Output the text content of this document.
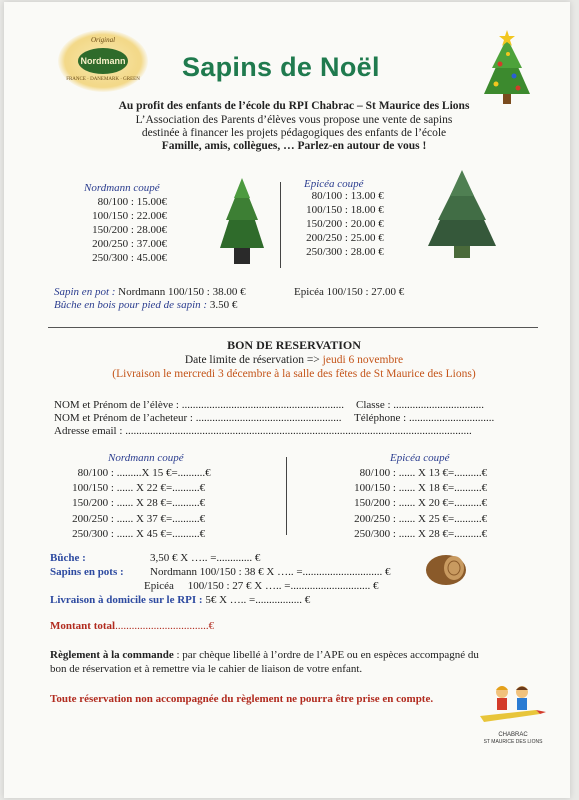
Original
Nordmann
FRANCE · DANEMARK · GREEN	Sapins de Noël
Au profit des enfants de l’école du RPI Chabrac – St Maurice des Lions
L’Association des Parents d’élèves vous propose une vente de sapins
destinée à financer les projets pédagogiques des enfants de l’école
Famille, amis, collègues, … Parlez-en autour de vous !
Nordmann coupé
80/100 : 15.00€
100/150 : 22.00€
150/200 : 28.00€
200/250 : 37.00€
250/300 : 45.00€
Epicéa coupé
80/100 : 13.00 €
100/150 : 18.00 €
150/200 : 20.00 €
200/250 : 25.00 €
250/300 : 28.00 €
Sapin en pot : Nordmann 100/150 : 38.00 €	Epicéa 100/150 : 27.00 €
Bûche en bois pour pied de sapin : 3.50 €
BON DE RESERVATION
Date limite de réservation => jeudi 6 novembre
(Livraison le mercredi 3 décembre à la salle des fêtes de St Maurice des Lions)
NOM et Prénom de l’élève : ........................................................... Classe : .................................
NOM et Prénom de l’acheteur : ..................................................... Téléphone : ...............................
Adresse email : ..............................................................................................................................
Nordmann coupé
80/100 : .........X 15 €=..........€
100/150 : ...... X 22 €=..........€
150/200 : ...... X 28 €=..........€
200/250 : ...... X 37 €=..........€
250/300 : ...... X 45 €=..........€
Epicéa coupé
80/100 : ...... X 13 €=..........€
100/150 : ...... X 18 €=..........€
150/200 : ...... X 20 €=..........€
200/250 : ...... X 25 €=..........€
250/300 : ...... X 28 €=..........€
Bûche :	3,50 € X ….. =............. €
Sapins en pots : Nordmann 100/150 : 38 € X ….. =............................. €
Epicéa 100/150 : 27 € X ….. =............................. €
Livraison à domicile sur le RPI : 5€ X ….. =................. €
Montant total..................................€
Règlement à la commande : par chèque libellé à l’ordre de l’APE ou en espèces accompagné du
bon de réservation et à remettre via le cahier de liaison de votre enfant.
Toute réservation non accompagnée du règlement ne pourra être prise en compte.
CHABRAC
ST MAURICE DES LIONS
